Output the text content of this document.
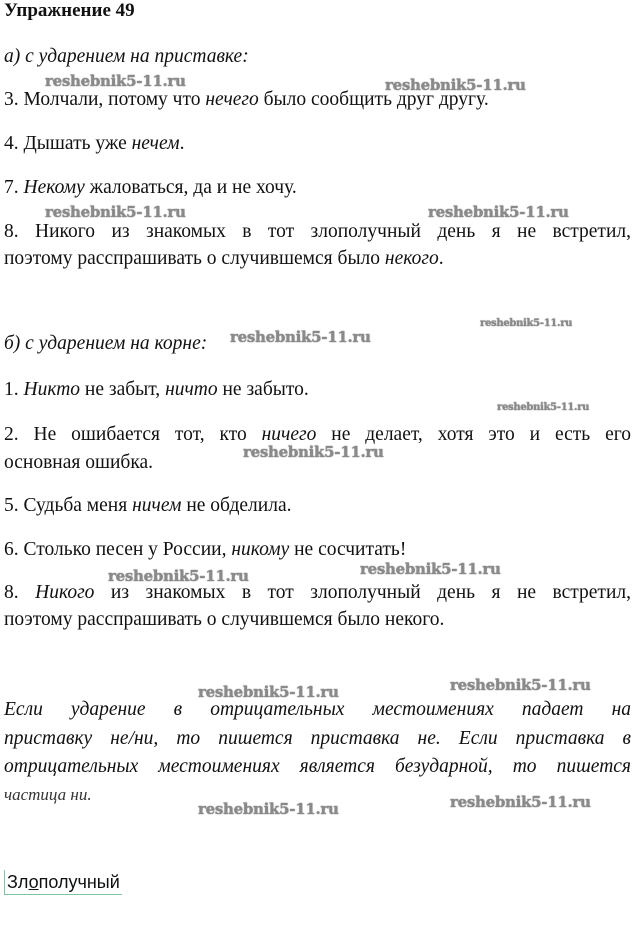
Упражнение 49
а) с ударением на приставке:
3. Молчали, потому что нечего было сообщить друг другу.
4. Дышать уже нечем.
7. Некому жаловаться, да и не хочу.
8. Никого из знакомых в тот злополучный день я не встретил,
поэтому расспрашивать о случившемся было некого.
б) с ударением на корне:
1. Никто не забыт, ничто не забыто.
2. Не ошибается тот, кто ничего не делает, хотя это и есть его
основная ошибка.
5. Судьба меня ничем не обделила.
6. Столько песен у России, никому не сосчитать!
8. Никого из знакомых в тот злополучный день я не встретил,
поэтому расспрашивать о случившемся было некого.
Если ударение в отрицательных местоимениях падает на
приставку не/ни, то пишется приставка не. Если приставка в
отрицательных местоимениях является безударной, то пишется
частица ни.
Злополучный
reshebnik5-11.ru	reshebnik5-11.ru
reshebnik5-11.ru	reshebnik5-11.ru
reshebnik5-11.ru
reshebnik5-11.ru
reshebnik5-11.ru
reshebnik5-11.ru
reshebnik5-11.ru	reshebnik5-11.ru
reshebnik5-11.ru	reshebnik5-11.ru
reshebnik5-11.ru	reshebnik5-11.ru
